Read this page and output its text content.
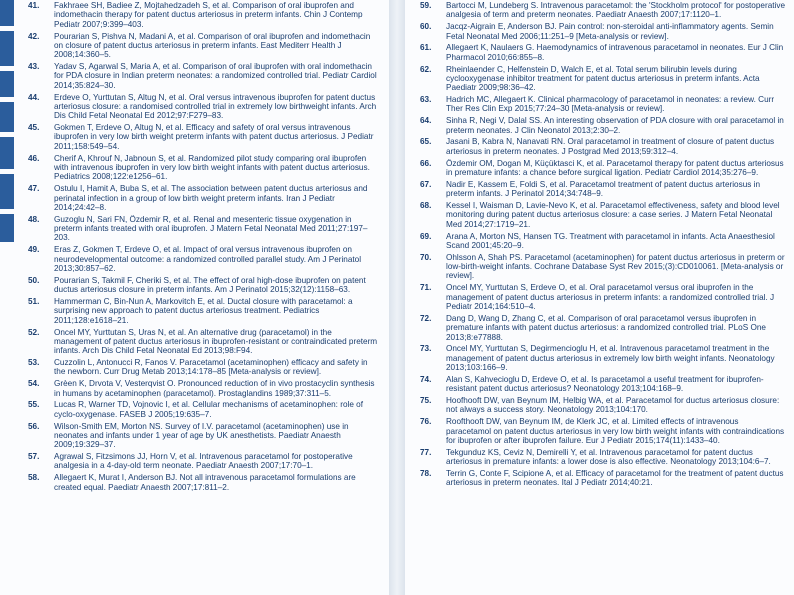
41.	Fakhraee SH, Badiee Z, Mojtahedzadeh S, et al. Comparison of oral ibuprofen and indomethacin therapy for patent ductus arteriosus in preterm infants. Chin J Contemp Pediatr 2007;9:399–403.
42.	Pourarian S, Pishva N, Madani A, et al. Comparison of oral ibuprofen and indomethacin on closure of patent ductus arteriosus in preterm infants. East Mediterr Health J 2008;14:360–5.
43.	Yadav S, Agarwal S, Maria A, et al. Comparison of oral ibuprofen with oral indomethacin for PDA closure in Indian preterm neonates: a randomized controlled trial. Pediatr Cardiol 2014;35:824–30.
44.	Erdeve O, Yurttutan S, Altug N, et al. Oral versus intravenous ibuprofen for patent ductus arteriosus closure: a randomised controlled trial in extremely low birthweight infants. Arch Dis Child Fetal Neonatal Ed 2012;97:F279–83.
45.	Gokmen T, Erdeve O, Altug N, et al. Efficacy and safety of oral versus intravenous ibuprofen in very low birth weight preterm infants with patent ductus arteriosus. J Pediatr 2011;158:549–54.
46.	Cherif A, Khrouf N, Jabnoun S, et al. Randomized pilot study comparing oral ibuprofen with intravenous ibuprofen in very low birth weight infants with patent ductus arteriosus. Pediatrics 2008;122:e1256–61.
47.	Ostulu I, Hamit A, Buba S, et al. The association between patent ductus arteriosus and perinatal infection in a group of low birth weight preterm infants. Iran J Pediatr 2014;24:42–8.
48.	Guzoglu N, Sari FN, Özdemir R, et al. Renal and mesenteric tissue oxygenation in preterm infants treated with oral ibuprofen. J Matern Fetal Neonatal Med 2011;27:197–203.
49.	Eras Z, Gokmen T, Erdeve O, et al. Impact of oral versus intravenous ibuprofen on neurodevelopmental outcome: a randomized controlled parallel study. Am J Perinatol 2013;30:857–62.
50.	Pourarian S, Takmil F, Cheriki S, et al. The effect of oral high-dose ibuprofen on patent ductus arteriosus closure in preterm infants. Am J Perinatol 2015;32(12):1158–63.
51.	Hammerman C, Bin-Nun A, Markovitch E, et al. Ductal closure with paracetamol: a surprising new approach to patent ductus arteriosus treatment. Pediatrics 2011;128:e1618–21.
52.	Oncel MY, Yurttutan S, Uras N, et al. An alternative drug (paracetamol) in the management of patent ductus arteriosus in ibuprofen-resistant or contraindicated preterm infants. Arch Dis Child Fetal Neonatal Ed 2013;98:F94.
53.	Cuzzolin L, Antonucci R, Fanos V. Paracetamol (acetaminophen) efficacy and safety in the newborn. Curr Drug Metab 2013;14:178–85 [Meta-analysis or review].
54.	Grèen K, Drvota V, Vesterqvist O. Pronounced reduction of in vivo prostacyclin synthesis in humans by acetaminophen (paracetamol). Prostaglandins 1989;37:311–5.
55.	Lucas R, Warner TD, Vojnovic I, et al. Cellular mechanisms of acetaminophen: role of cyclo-oxygenase. FASEB J 2005;19:635–7.
56.	Wilson-Smith EM, Morton NS. Survey of I.V. paracetamol (acetaminophen) use in neonates and infants under 1 year of age by UK anesthetists. Paediatr Anaesth 2009;19:329–37.
57.	Agrawal S, Fitzsimons JJ, Horn V, et al. Intravenous paracetamol for postoperative analgesia in a 4-day-old term neonate. Paediatr Anaesth 2007;17:70–1.
58.	Allegaert K, Murat I, Anderson BJ. Not all intravenous paracetamol formulations are created equal. Paediatr Anaesth 2007;17:811–2.
59.	Bartocci M, Lundeberg S. Intravenous paracetamol: the 'Stockholm protocol' for postoperative analgesia of term and preterm neonates. Paediatr Anaesth 2007;17:1120–1.
60.	Jacqz-Aigrain E, Anderson BJ. Pain control: non-steroidal anti-inflammatory agents. Semin Fetal Neonatal Med 2006;11:251–9 [Meta-analysis or review].
61.	Allegaert K, Naulaers G. Haemodynamics of intravenous paracetamol in neonates. Eur J Clin Pharmacol 2010;66:855–8.
62.	Rheinlaender C, Helfenstein D, Walch E, et al. Total serum bilirubin levels during cyclooxygenase inhibitor treatment for patent ductus arteriosus in preterm infants. Acta Paediatr 2009;98:36–42.
63.	Hadrich MC, Allegaert K. Clinical pharmacology of paracetamol in neonates: a review. Curr Ther Res Clin Exp 2015;77:24–30 [Meta-analysis or review].
64.	Sinha R, Negi V, Dalal SS. An interesting observation of PDA closure with oral paracetamol in preterm neonates. J Clin Neonatol 2013;2:30–2.
65.	Jasani B, Kabra N, Nanavati RN. Oral paracetamol in treatment of closure of patent ductus arteriosus in preterm neonates. J Postgrad Med 2013;59:312–4.
66.	Özdemir OM, Dogan M, Küçüktasci K, et al. Paracetamol therapy for patent ductus arteriosus in premature infants: a chance before surgical ligation. Pediatr Cardiol 2014;35:276–9.
67.	Nadir E, Kassem E, Foldi S, et al. Paracetamol treatment of patent ductus arteriosus in preterm infants. J Perinatol 2014;34:748–9.
68.	Kessel I, Waisman D, Lavie-Nevo K, et al. Paracetamol effectiveness, safety and blood level monitoring during patent ductus arteriosus closure: a case series. J Matern Fetal Neonatal Med 2014;27:1719–21.
69.	Arana A, Morton NS, Hansen TG. Treatment with paracetamol in infants. Acta Anaesthesiol Scand 2001;45:20–9.
70.	Ohlsson A, Shah PS. Paracetamol (acetaminophen) for patent ductus arteriosus in preterm or low-birth-weight infants. Cochrane Database Syst Rev 2015;(3):CD010061. [Meta-analysis or review].
71.	Oncel MY, Yurttutan S, Erdeve O, et al. Oral paracetamol versus oral ibuprofen in the management of patent ductus arteriosus in preterm infants: a randomized controlled trial. J Pediatr 2014;164:510–4.
72.	Dang D, Wang D, Zhang C, et al. Comparison of oral paracetamol versus ibuprofen in premature infants with patent ductus arteriosus: a randomized controlled trial. PLoS One 2013;8:e77888.
73.	Oncel MY, Yurttutan S, Degirmencioglu H, et al. Intravenous paracetamol treatment in the management of patent ductus arteriosus in extremely low birth weight infants. Neonatology 2013;103:166–9.
74.	Alan S, Kahvecioglu D, Erdeve O, et al. Is paracetamol a useful treatment for ibuprofen-resistant patent ductus arteriosus? Neonatology 2013;104:168–9.
75.	Hoofhooft DW, van Beynum IM, Helbig WA, et al. Paracetamol for ductus arteriosus closure: not always a success story. Neonatology 2013;104:170.
76.	Roofthooft DW, van Beynum IM, de Klerk JC, et al. Limited effects of intravenous paracetamol on patent ductus arteriosus in very low birth weight infants with contraindications for ibuprofen or after ibuprofen failure. Eur J Pediatr 2015;174(11):1433–40.
77.	Tekgunduz KS, Ceviz N, Demirelli Y, et al. Intravenous paracetamol for patent ductus arteriosus in premature infants: a lower dose is also effective. Neonatology 2013;104:6–7.
78.	Terrin G, Conte F, Scipione A, et al. Efficacy of paracetamol for the treatment of patent ductus arteriosus in preterm neonates. Ital J Pediatr 2014;40:21.
